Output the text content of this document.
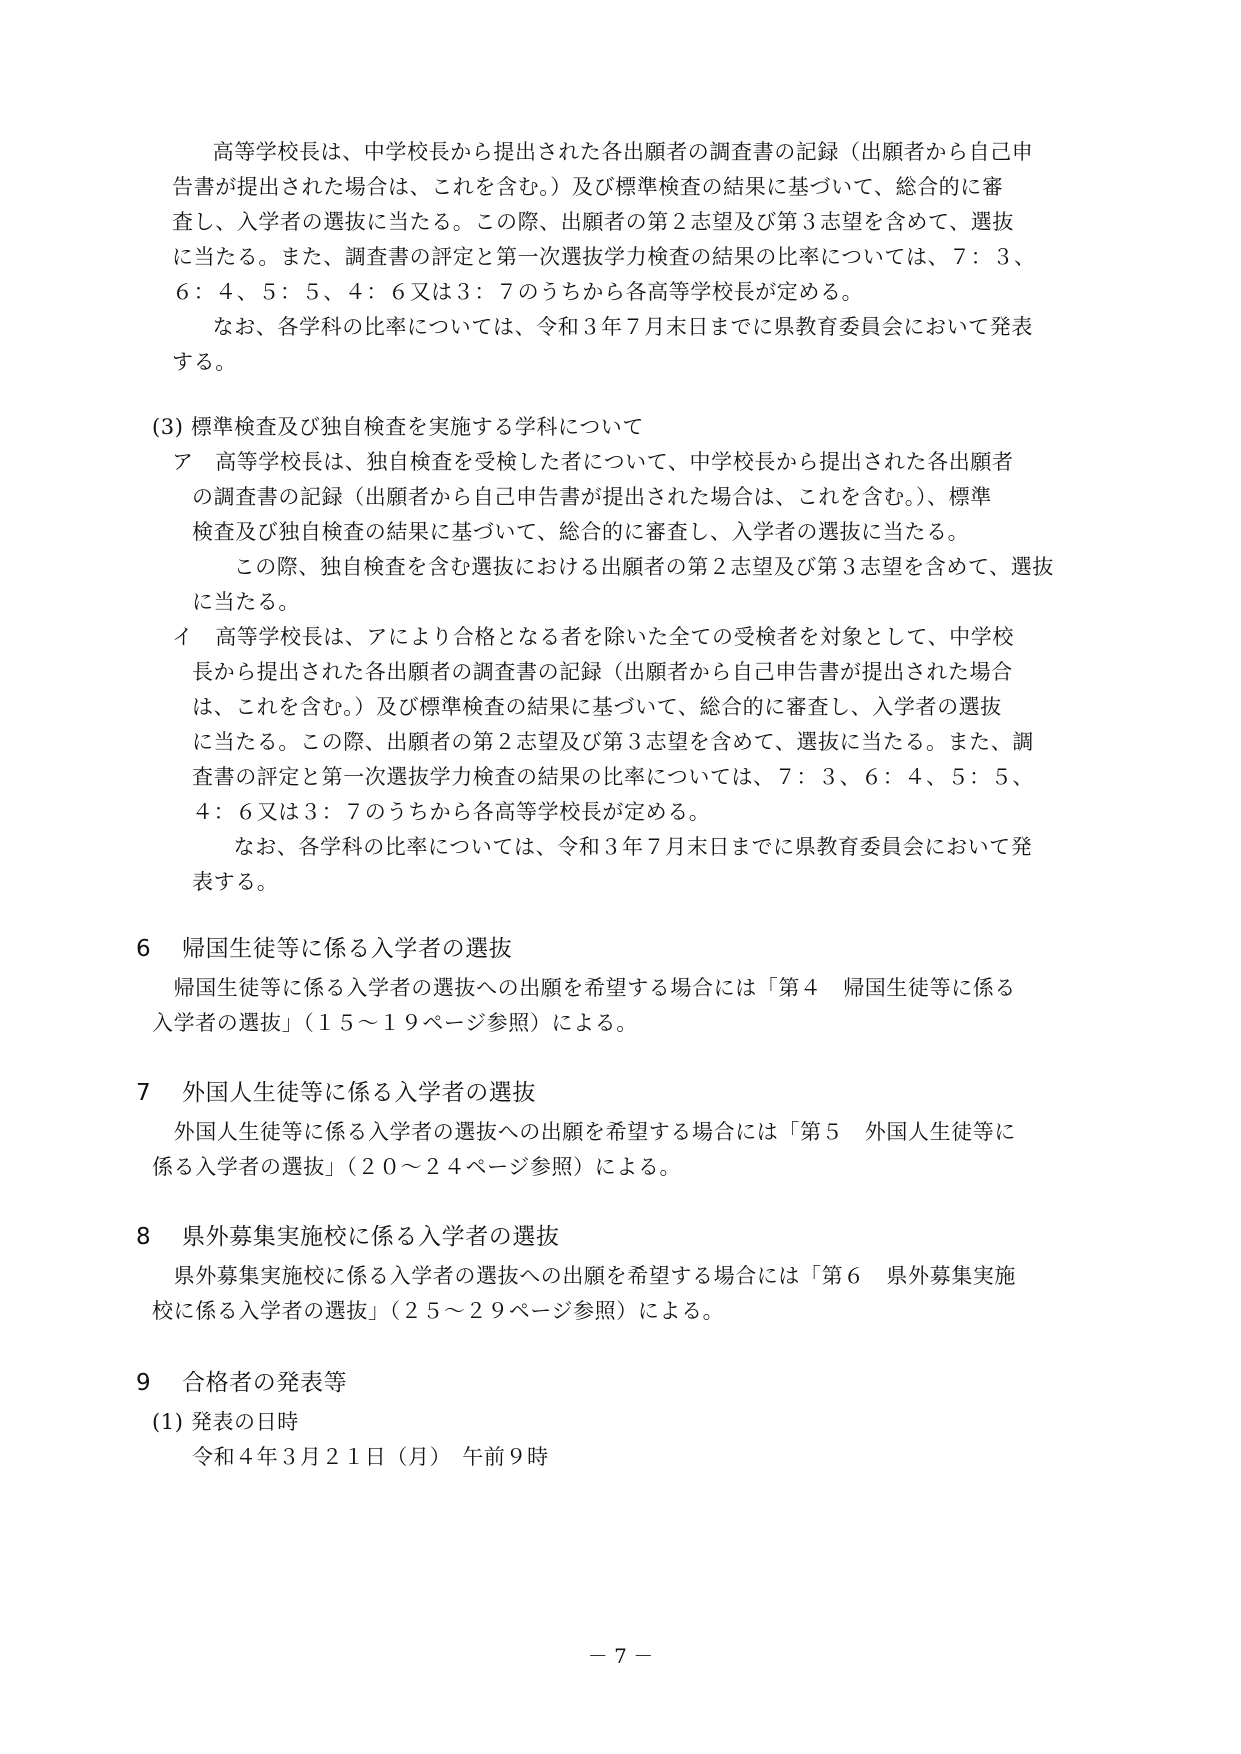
　高等学校長は、中学校長から提出された各出願者の調査書の記録（出願者から自己申
告書が提出された場合は、これを含む。）及び標準検査の結果に基づいて、総合的に審
査し、入学者の選抜に当たる。この際、出願者の第２志望及び第３志望を含めて、選抜
に当たる。また、調査書の評定と第一次選抜学力検査の結果の比率については、７：３、
６：４、５：５、４：６又は３：７のうちから各高等学校長が定める。
　なお、各学科の比率については、令和３年７月末日までに県教育委員会において発表
する。
(3) 標準検査及び独自検査を実施する学科について
ア　高等学校長は、独自検査を受検した者について、中学校長から提出された各出願者
の調査書の記録（出願者から自己申告書が提出された場合は、これを含む。）、標準
検査及び独自検査の結果に基づいて、総合的に審査し、入学者の選抜に当たる。
　この際、独自検査を含む選抜における出願者の第２志望及び第３志望を含めて、選抜
に当たる。
イ　高等学校長は、アにより合格となる者を除いた全ての受検者を対象として、中学校
長から提出された各出願者の調査書の記録（出願者から自己申告書が提出された場合
は、これを含む。）及び標準検査の結果に基づいて、総合的に審査し、入学者の選抜
に当たる。この際、出願者の第２志望及び第３志望を含めて、選抜に当たる。また、調
査書の評定と第一次選抜学力検査の結果の比率については、７：３、６：４、５：５、
４：６又は３：７のうちから各高等学校長が定める。
　なお、各学科の比率については、令和３年７月末日までに県教育委員会において発
表する。
6 帰国生徒等に係る入学者の選抜
　帰国生徒等に係る入学者の選抜への出願を希望する場合には「第４　帰国生徒等に係る
入学者の選抜」（１５～１９ページ参照）による。
7 外国人生徒等に係る入学者の選抜
　外国人生徒等に係る入学者の選抜への出願を希望する場合には「第５　外国人生徒等に
係る入学者の選抜」（２０～２４ページ参照）による。
8 県外募集実施校に係る入学者の選抜
　県外募集実施校に係る入学者の選抜への出願を希望する場合には「第６　県外募集実施
校に係る入学者の選抜」（２５～２９ページ参照）による。
9 合格者の発表等
(1) 発表の日時
令和４年３月２１日（月）　午前９時
－ 7 －
